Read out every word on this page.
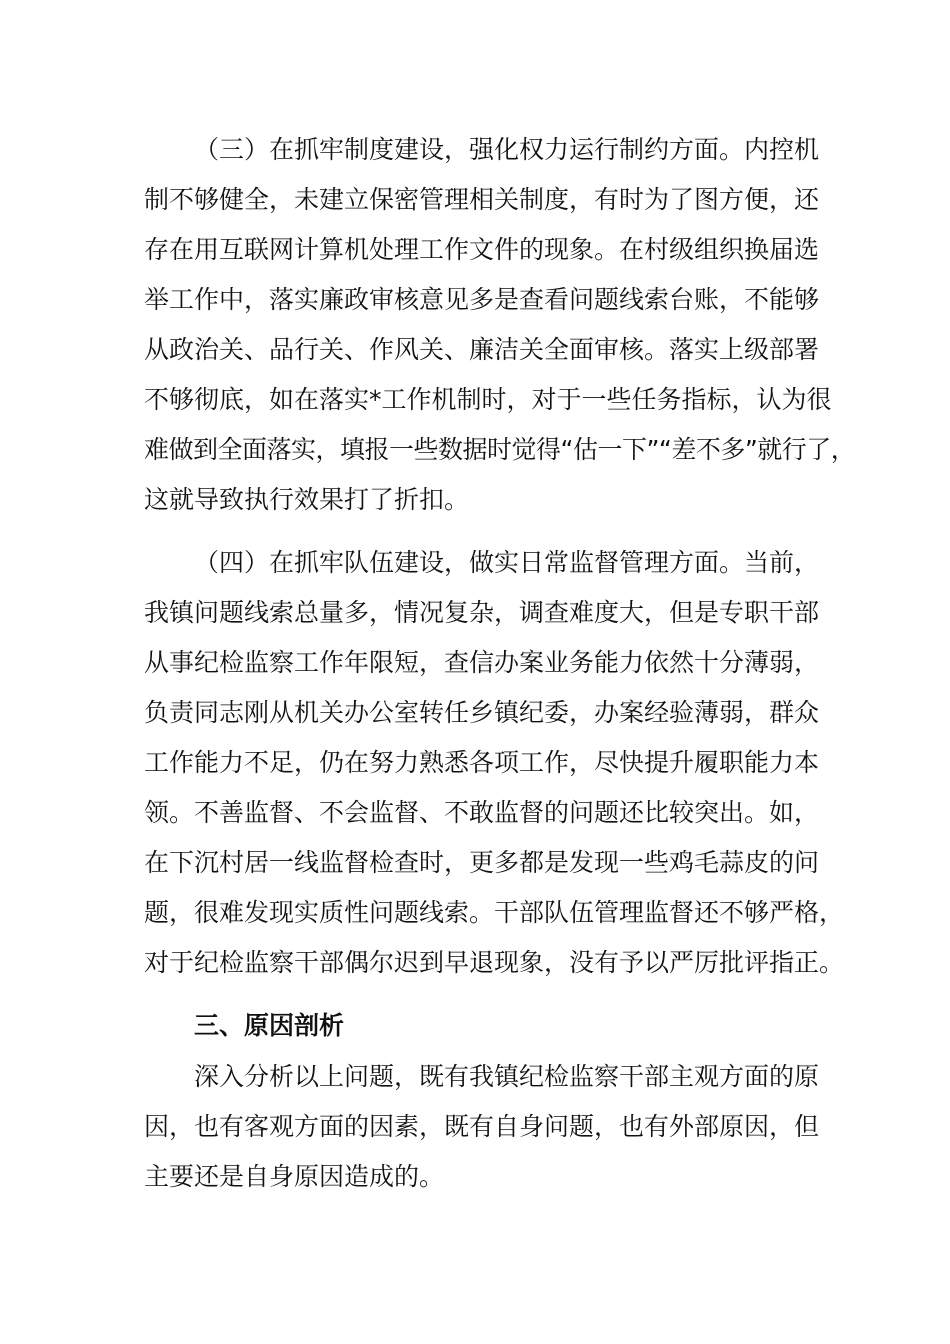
（三）在抓牢制度建设，强化权力运行制约方面。内控机
制不够健全，未建立保密管理相关制度，有时为了图方便，还
存在用互联网计算机处理工作文件的现象。在村级组织换届选
举工作中，落实廉政审核意见多是查看问题线索台账，不能够
从政治关、品行关、作风关、廉洁关全面审核。落实上级部署
不够彻底，如在落实*工作机制时，对于一些任务指标，认为很
难做到全面落实，填报一些数据时觉得“估一下”“差不多”就行了，
这就导致执行效果打了折扣。
（四）在抓牢队伍建设，做实日常监督管理方面。当前，
我镇问题线索总量多，情况复杂，调查难度大，但是专职干部
从事纪检监察工作年限短，查信办案业务能力依然十分薄弱，
负责同志刚从机关办公室转任乡镇纪委，办案经验薄弱，群众
工作能力不足，仍在努力熟悉各项工作，尽快提升履职能力本
领。不善监督、不会监督、不敢监督的问题还比较突出。如，
在下沉村居一线监督检查时，更多都是发现一些鸡毛蒜皮的问
题，很难发现实质性问题线索。干部队伍管理监督还不够严格，
对于纪检监察干部偶尔迟到早退现象，没有予以严厉批评指正。
三、原因剖析
深入分析以上问题，既有我镇纪检监察干部主观方面的原
因，也有客观方面的因素，既有自身问题，也有外部原因，但
主要还是自身原因造成的。
